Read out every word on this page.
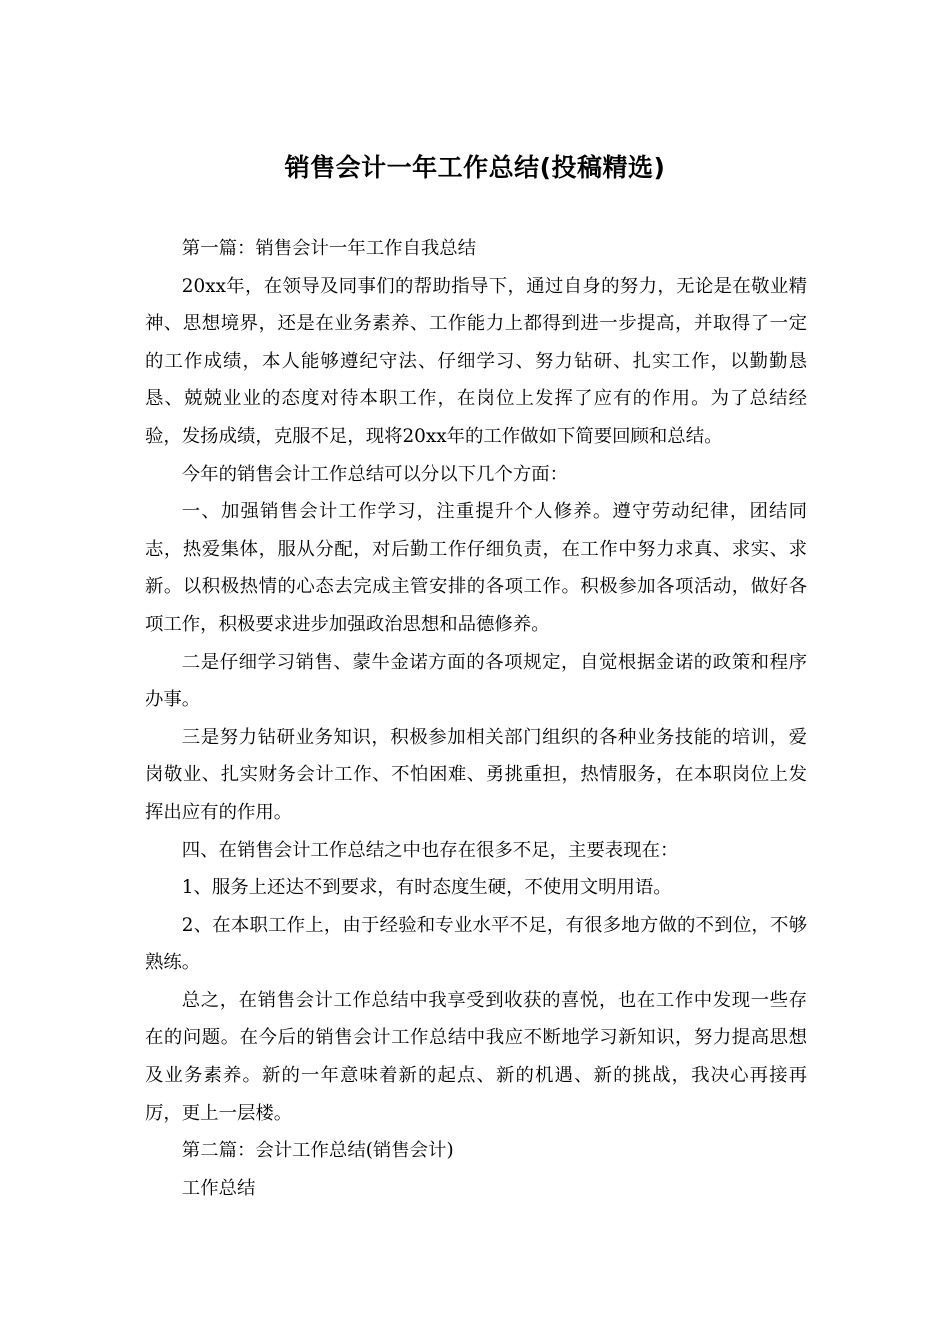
销售会计一年工作总结(投稿精选)

第一篇：销售会计一年工作自我总结

20xx年，在领导及同事们的帮助指导下，通过自身的努力，无论是在敬业精神、思想境界，还是在业务素养、工作能力上都得到进一步提高，并取得了一定的工作成绩，本人能够遵纪守法、仔细学习、努力钻研、扎实工作，以勤勤恳恳、兢兢业业的态度对待本职工作，在岗位上发挥了应有的作用。为了总结经验，发扬成绩，克服不足，现将20xx年的工作做如下简要回顾和总结。

今年的销售会计工作总结可以分以下几个方面：

一、加强销售会计工作学习，注重提升个人修养。遵守劳动纪律，团结同志，热爱集体，服从分配，对后勤工作仔细负责，在工作中努力求真、求实、求新。以积极热情的心态去完成主管安排的各项工作。积极参加各项活动，做好各项工作，积极要求进步加强政治思想和品德修养。

二是仔细学习销售、蒙牛金诺方面的各项规定，自觉根据金诺的政策和程序办事。

三是努力钻研业务知识，积极参加相关部门组织的各种业务技能的培训，爱岗敬业、扎实财务会计工作、不怕困难、勇挑重担，热情服务，在本职岗位上发挥出应有的作用。

四、在销售会计工作总结之中也存在很多不足，主要表现在：

1、服务上还达不到要求，有时态度生硬，不使用文明用语。

2、在本职工作上，由于经验和专业水平不足，有很多地方做的不到位，不够熟练。

总之，在销售会计工作总结中我享受到收获的喜悦，也在工作中发现一些存在的问题。在今后的销售会计工作总结中我应不断地学习新知识，努力提高思想及业务素养。新的一年意味着新的起点、新的机遇、新的挑战，我决心再接再厉，更上一层楼。

第二篇：会计工作总结(销售会计)

工作总结
